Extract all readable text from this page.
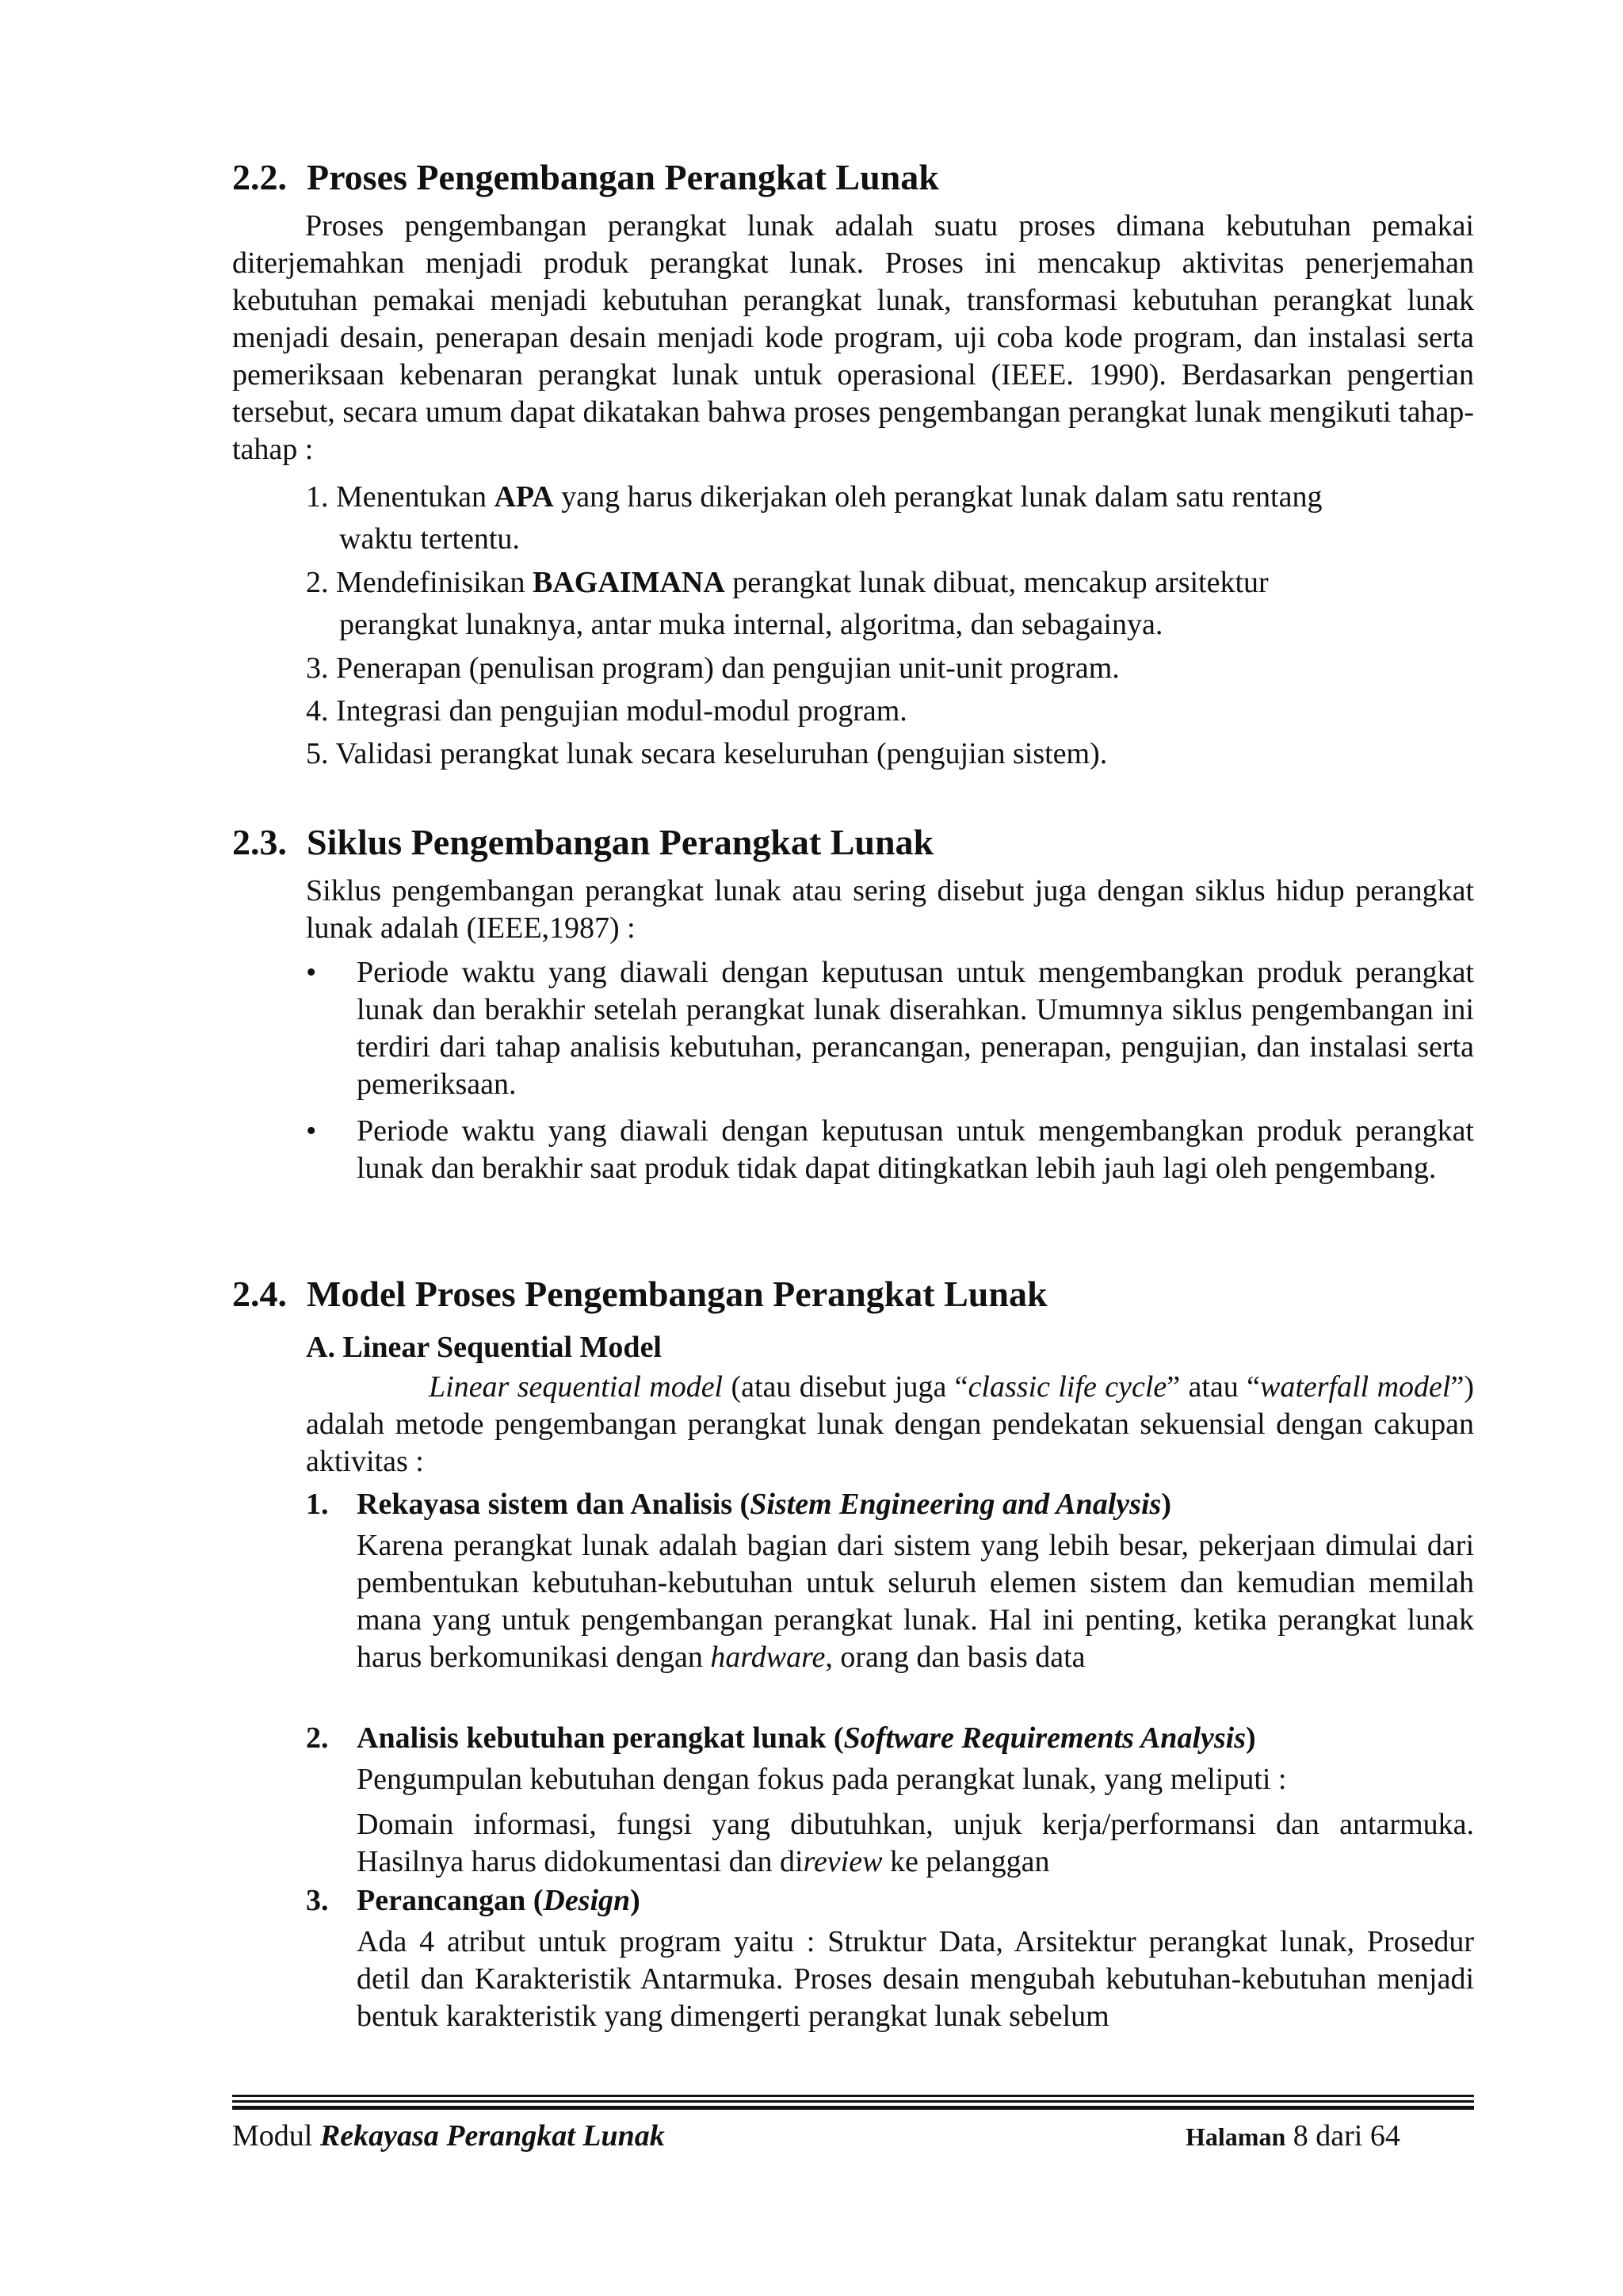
2.2. Proses Pengembangan Perangkat Lunak

Proses pengembangan perangkat lunak adalah suatu proses dimana kebutuhan pemakai diterjemahkan menjadi produk perangkat lunak. Proses ini mencakup aktivitas penerjemahan kebutuhan pemakai menjadi kebutuhan perangkat lunak, transformasi kebutuhan perangkat lunak menjadi desain, penerapan desain menjadi kode program, uji coba kode program, dan instalasi serta pemeriksaan kebenaran perangkat lunak untuk operasional (IEEE. 1990). Berdasarkan pengertian tersebut, secara umum dapat dikatakan bahwa proses pengembangan perangkat lunak mengikuti tahap-tahap :

1. Menentukan APA yang harus dikerjakan oleh perangkat lunak dalam satu rentang
waktu tertentu.
2. Mendefinisikan BAGAIMANA perangkat lunak dibuat, mencakup arsitektur
perangkat lunaknya, antar muka internal, algoritma, dan sebagainya.
3. Penerapan (penulisan program) dan pengujian unit-unit program.
4. Integrasi dan pengujian modul-modul program.
5. Validasi perangkat lunak secara keseluruhan (pengujian sistem).
2.3. Siklus Pengembangan Perangkat Lunak

Siklus pengembangan perangkat lunak atau sering disebut juga dengan siklus hidup perangkat lunak adalah (IEEE,1987) :

• Periode waktu yang diawali dengan keputusan untuk mengembangkan produk perangkat lunak dan berakhir setelah perangkat lunak diserahkan. Umumnya siklus pengembangan ini terdiri dari tahap analisis kebutuhan, perancangan, penerapan, pengujian, dan instalasi serta pemeriksaan.

• Periode waktu yang diawali dengan keputusan untuk mengembangkan produk perangkat lunak dan berakhir saat produk tidak dapat ditingkatkan lebih jauh lagi oleh pengembang.

2.4. Model Proses Pengembangan Perangkat Lunak
A. Linear Sequential Model

Linear sequential model (atau disebut juga “classic life cycle” atau “waterfall model”) adalah metode pengembangan perangkat lunak dengan pendekatan sekuensial dengan cakupan aktivitas :

1. Rekayasa sistem dan Analisis (Sistem Engineering and Analysis)

Karena perangkat lunak adalah bagian dari sistem yang lebih besar, pekerjaan dimulai dari pembentukan kebutuhan-kebutuhan untuk seluruh elemen sistem dan kemudian memilah mana yang untuk pengembangan perangkat lunak. Hal ini penting, ketika perangkat lunak harus berkomunikasi dengan hardware, orang dan basis data

2. Analisis kebutuhan perangkat lunak (Software Requirements Analysis)

Pengumpulan kebutuhan dengan fokus pada perangkat lunak, yang meliputi :

Domain informasi, fungsi yang dibutuhkan, unjuk kerja/performansi dan antarmuka. Hasilnya harus didokumentasi dan direview ke pelanggan

3. Perancangan (Design)

Ada 4 atribut untuk program yaitu : Struktur Data, Arsitektur perangkat lunak, Prosedur detil dan Karakteristik Antarmuka. Proses desain mengubah kebutuhan-kebutuhan menjadi bentuk karakteristik yang dimengerti perangkat lunak sebelum

Modul Rekayasa Perangkat Lunak	Halaman 8 dari 64
